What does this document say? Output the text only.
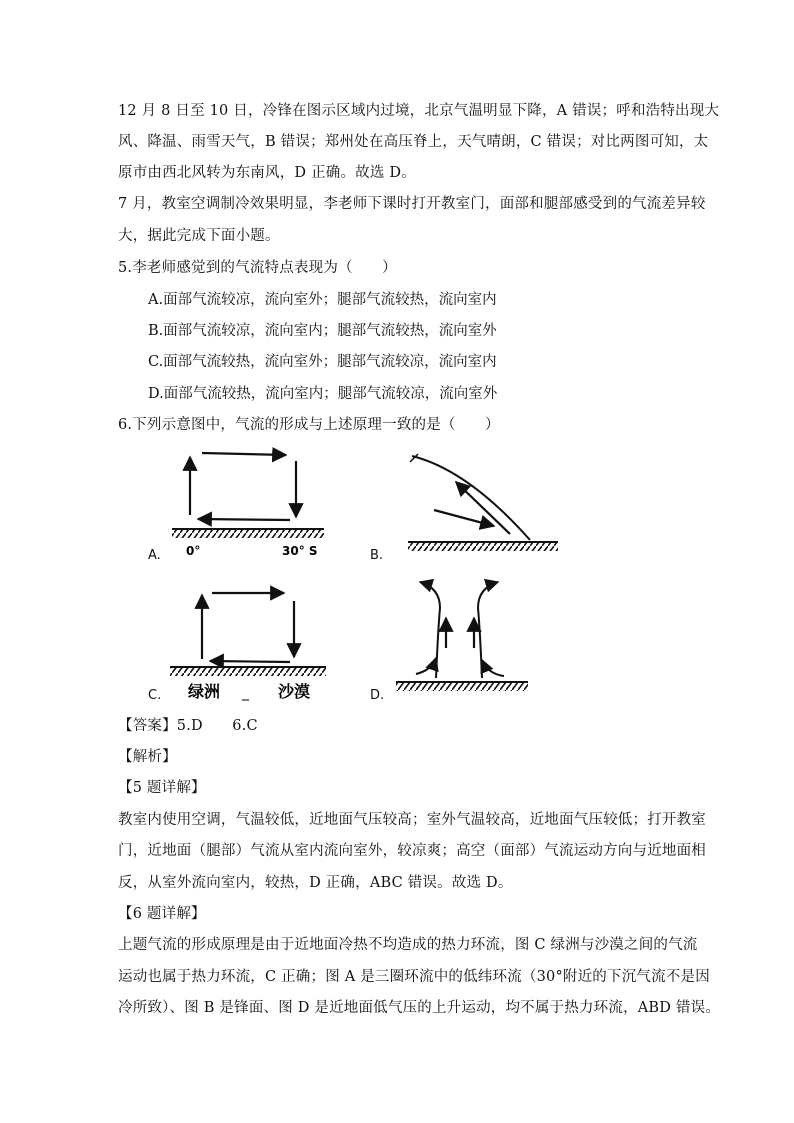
12 月 8 日至 10 日，冷锋在图示区域内过境，北京气温明显下降，A 错误；呼和浩特出现大
风、降温、雨雪天气，B 错误；郑州处在高压脊上，天气晴朗，C 错误；对比两图可知，太
原市由西北风转为东南风，D 正确。故选 D。
7 月，教室空调制冷效果明显，李老师下课时打开教室门，面部和腿部感受到的气流差异较
大，据此完成下面小题。
5.李老师感觉到的气流特点表现为（　　）
A.面部气流较凉，流向室外；腿部气流较热，流向室内
B.面部气流较凉，流向室内；腿部气流较热，流向室外
C.面部气流较热，流向室外；腿部气流较凉，流向室内
D.面部气流较热，流向室内；腿部气流较凉，流向室外
6.下列示意图中，气流的形成与上述原理一致的是（　　）
A. 0°	30° S	B.
C. 绿洲 _ 沙漠	D.
【答案】5.D　　6.C
【解析】
【5 题详解】
教室内使用空调，气温较低，近地面气压较高；室外气温较高，近地面气压较低；打开教室
门，近地面（腿部）气流从室内流向室外，较凉爽；高空（面部）气流运动方向与近地面相
反，从室外流向室内，较热，D 正确，ABC 错误。故选 D。
【6 题详解】
上题气流的形成原理是由于近地面冷热不均造成的热力环流，图 C 绿洲与沙漠之间的气流
运动也属于热力环流，C 正确；图 A 是三圈环流中的低纬环流（30°附近的下沉气流不是因
冷所致）、图 B 是锋面、图 D 是近地面低气压的上升运动，均不属于热力环流，ABD 错误。
